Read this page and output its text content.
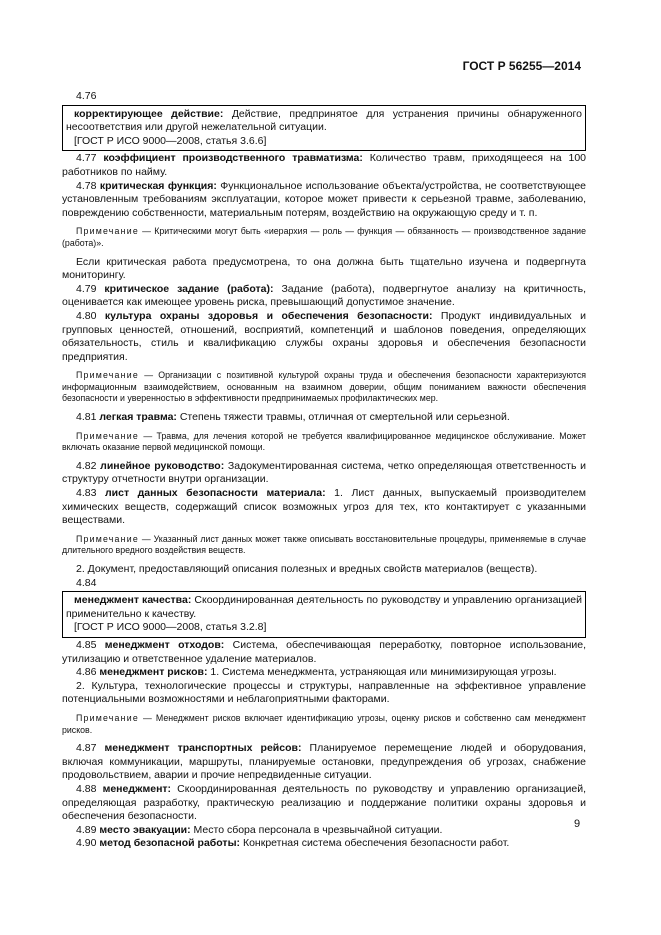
ГОСТ Р 56255—2014

4.76

корректирующее действие: Действие, предпринятое для устранения причины обнаруженного несоответствия или другой нежелательной ситуации.

[ГОСТ Р ИСО 9000—2008, статья 3.6.6]

4.77 коэффициент производственного травматизма: Количество травм, приходящееся на 100 работников по найму.

4.78 критическая функция: Функциональное использование объекта/устройства, не соответствующее установленным требованиям эксплуатации, которое может привести к серьезной травме, заболеванию, повреждению собственности, материальным потерям, воздействию на окружающую среду и т. п.

Примечание — Критическими могут быть «иерархия — роль — функция — обязанность — производственное задание (работа)».

Если критическая работа предусмотрена, то она должна быть тщательно изучена и подвергнута мониторингу.

4.79 критическое задание (работа): Задание (работа), подвергнутое анализу на критичность, оценивается как имеющее уровень риска, превышающий допустимое значение.

4.80 культура охраны здоровья и обеспечения безопасности: Продукт индивидуальных и групповых ценностей, отношений, восприятий, компетенций и шаблонов поведения, определяющих обязательность, стиль и квалификацию службы охраны здоровья и обеспечения безопасности предприятия.

Примечание — Организации с позитивной культурой охраны труда и обеспечения безопасности характеризуются информационным взаимодействием, основанным на взаимном доверии, общим пониманием важности обеспечения безопасности и уверенностью в эффективности предпринимаемых профилактических мер.

4.81 легкая травма: Степень тяжести травмы, отличная от смертельной или серьезной.

Примечание — Травма, для лечения которой не требуется квалифицированное медицинское обслуживание. Может включать оказание первой медицинской помощи.

4.82 линейное руководство: Задокументированная система, четко определяющая ответственность и структуру отчетности внутри организации.

4.83 лист данных безопасности материала: 1. Лист данных, выпускаемый производителем химических веществ, содержащий список возможных угроз для тех, кто контактирует с указанными веществами.

Примечание — Указанный лист данных может также описывать восстановительные процедуры, применяемые в случае длительного вредного воздействия веществ.

2. Документ, предоставляющий описания полезных и вредных свойств материалов (веществ).

4.84

менеджмент качества: Скоординированная деятельность по руководству и управлению организацией применительно к качеству.

[ГОСТ Р ИСО 9000—2008, статья 3.2.8]

4.85 менеджмент отходов: Система, обеспечивающая переработку, повторное использование, утилизацию и ответственное удаление материалов.

4.86 менеджмент рисков: 1. Система менеджмента, устраняющая или минимизирующая угрозы.

2. Культура, технологические процессы и структуры, направленные на эффективное управление потенциальными возможностями и неблагоприятными факторами.

Примечание — Менеджмент рисков включает идентификацию угрозы, оценку рисков и собственно сам менеджмент рисков.

4.87 менеджмент транспортных рейсов: Планируемое перемещение людей и оборудования, включая коммуникации, маршруты, планируемые остановки, предупреждения об угрозах, снабжение продовольствием, аварии и прочие непредвиденные ситуации.

4.88 менеджмент: Скоординированная деятельность по руководству и управлению организацией, определяющая разработку, практическую реализацию и поддержание политики охраны здоровья и обеспечения безопасности.

4.89 место эвакуации: Место сбора персонала в чрезвычайной ситуации.

4.90 метод безопасной работы: Конкретная система обеспечения безопасности работ.

9
